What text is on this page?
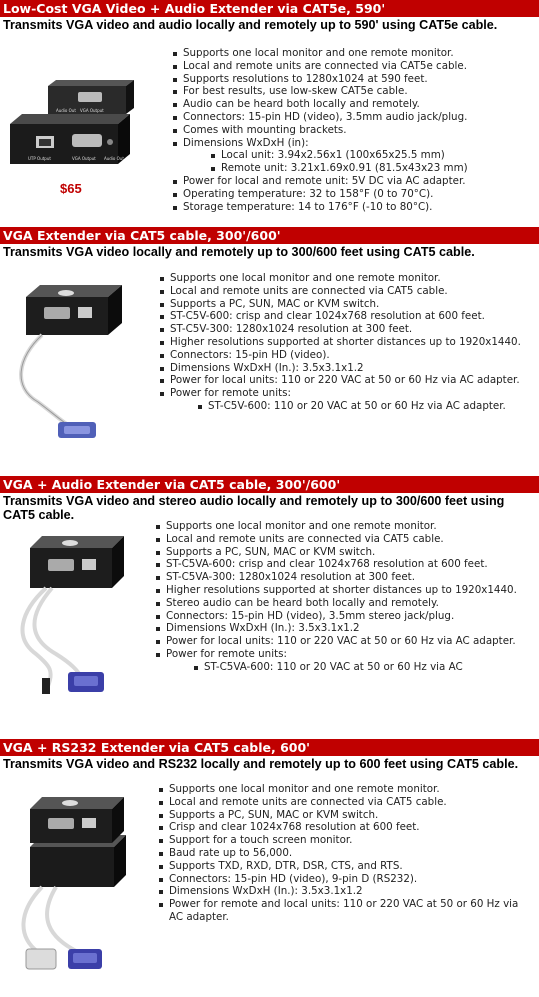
Low-Cost VGA Video + Audio Extender via CAT5e, 590'
Transmits VGA video and audio locally and remotely up to 590' using CAT5e cable.
Audio Out VGA Output
UTP Output	VGA Output Audio Out
$65
Supports one local monitor and one remote monitor.
Local and remote units are connected via CAT5e cable.
Supports resolutions to 1280x1024 at 590 feet.
For best results, use low-skew CAT5e cable.
Audio can be heard both locally and remotely.
Connectors: 15-pin HD (video), 3.5mm audio jack/plug.
Comes with mounting brackets.
Dimensions WxDxH (in):
Local unit: 3.94x2.56x1 (100x65x25.5 mm)
Remote unit: 3.21x1.69x0.91 (81.5x43x23 mm)
Power for local and remote unit: 5V DC via AC adapter.
Operating temperature: 32 to 158°F (0 to 70°C).
Storage temperature: 14 to 176°F (-10 to 80°C).
VGA Extender via CAT5 cable, 300'/600'
Transmits VGA video locally and remotely up to 300/600 feet using CAT5 cable.
Supports one local monitor and one remote monitor.
Local and remote units are connected via CAT5 cable.
Supports a PC, SUN, MAC or KVM switch.
ST-C5V-600: crisp and clear 1024x768 resolution at 600 feet.
ST-C5V-300: 1280x1024 resolution at 300 feet.
Higher resolutions supported at shorter distances up to 1920x1440.
Connectors: 15-pin HD (video).
Dimensions WxDxH (In.): 3.5x3.1x1.2
Power for local units: 110 or 220 VAC at 50 or 60 Hz via AC adapter.
Power for remote units:
ST-C5V-600: 110 or 20 VAC at 50 or 60 Hz via AC adapter.
VGA + Audio Extender via CAT5 cable, 300'/600'
Transmits VGA video and stereo audio locally and remotely up to 300/600 feet using CAT5 cable.
Supports one local monitor and one remote monitor.
Local and remote units are connected via CAT5 cable.
Supports a PC, SUN, MAC or KVM switch.
ST-C5VA-600: crisp and clear 1024x768 resolution at 600 feet.
ST-C5VA-300: 1280x1024 resolution at 300 feet.
Higher resolutions supported at shorter distances up to 1920x1440.
Stereo audio can be heard both locally and remotely.
Connectors: 15-pin HD (video), 3.5mm stereo jack/plug.
Dimensions WxDxH (In.): 3.5x3.1x1.2
Power for local units: 110 or 220 VAC at 50 or 60 Hz via AC adapter.
Power for remote units:
ST-C5VA-600: 110 or 20 VAC at 50 or 60 Hz via AC
VGA + RS232 Extender via CAT5 cable, 600'
Transmits VGA video and RS232 locally and remotely up to 600 feet using CAT5 cable.
Supports one local monitor and one remote monitor.
Local and remote units are connected via CAT5 cable.
Supports a PC, SUN, MAC or KVM switch.
Crisp and clear 1024x768 resolution at 600 feet.
Support for a touch screen monitor.
Baud rate up to 56,000.
Supports TXD, RXD, DTR, DSR, CTS, and RTS.
Connectors: 15-pin HD (video), 9-pin D (RS232).
Dimensions WxDxH (In.): 3.5x3.1x1.2
Power for remote and local units: 110 or 220 VAC at 50 or 60 Hz via AC adapter.
